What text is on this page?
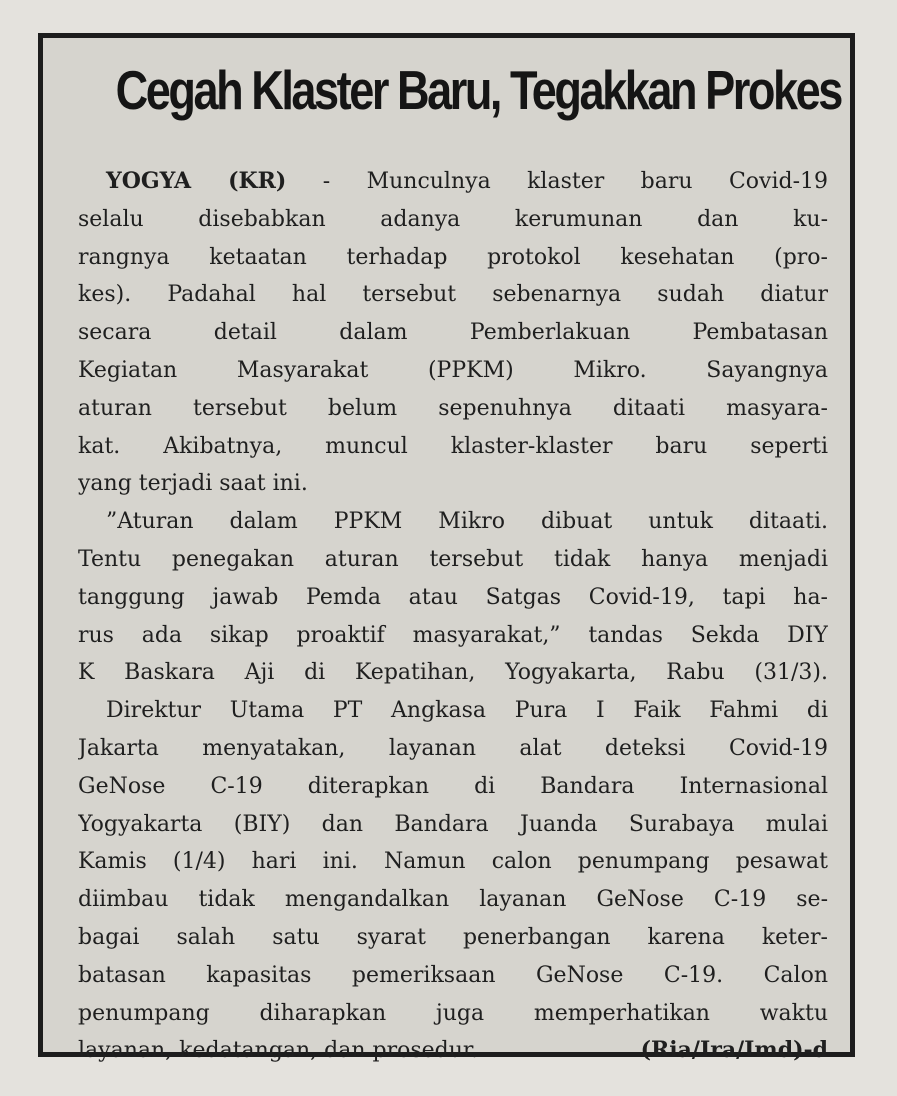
Cegah Klaster Baru, Tegakkan Prokes
YOGYA (KR) - Munculnya klaster baru Covid-19
selalu disebabkan adanya kerumunan dan ku-
rangnya ketaatan terhadap protokol kesehatan (pro-
kes). Padahal hal tersebut sebenarnya sudah diatur
secara detail dalam Pemberlakuan Pembatasan
Kegiatan Masyarakat (PPKM) Mikro. Sayangnya
aturan tersebut belum sepenuhnya ditaati masyara-
kat. Akibatnya, muncul klaster-klaster baru seperti
yang terjadi saat ini.
”Aturan dalam PPKM Mikro dibuat untuk ditaati.
Tentu penegakan aturan tersebut tidak hanya menjadi
tanggung jawab Pemda atau Satgas Covid-19, tapi ha-
rus ada sikap proaktif masyarakat,” tandas Sekda DIY
K Baskara Aji di Kepatihan, Yogyakarta, Rabu (31/3).
Direktur Utama PT Angkasa Pura I Faik Fahmi di
Jakarta menyatakan, layanan alat deteksi Covid-19
GeNose C-19 diterapkan di Bandara Internasional
Yogyakarta (BIY) dan Bandara Juanda Surabaya mulai
Kamis (1/4) hari ini. Namun calon penumpang pesawat
diimbau tidak mengandalkan layanan GeNose C-19 se-
bagai salah satu syarat penerbangan karena keter-
batasan kapasitas pemeriksaan GeNose C-19. Calon
penumpang diharapkan juga memperhatikan waktu
layanan, kedatangan, dan prosedur.	(Ria/Ira/Imd)-d
